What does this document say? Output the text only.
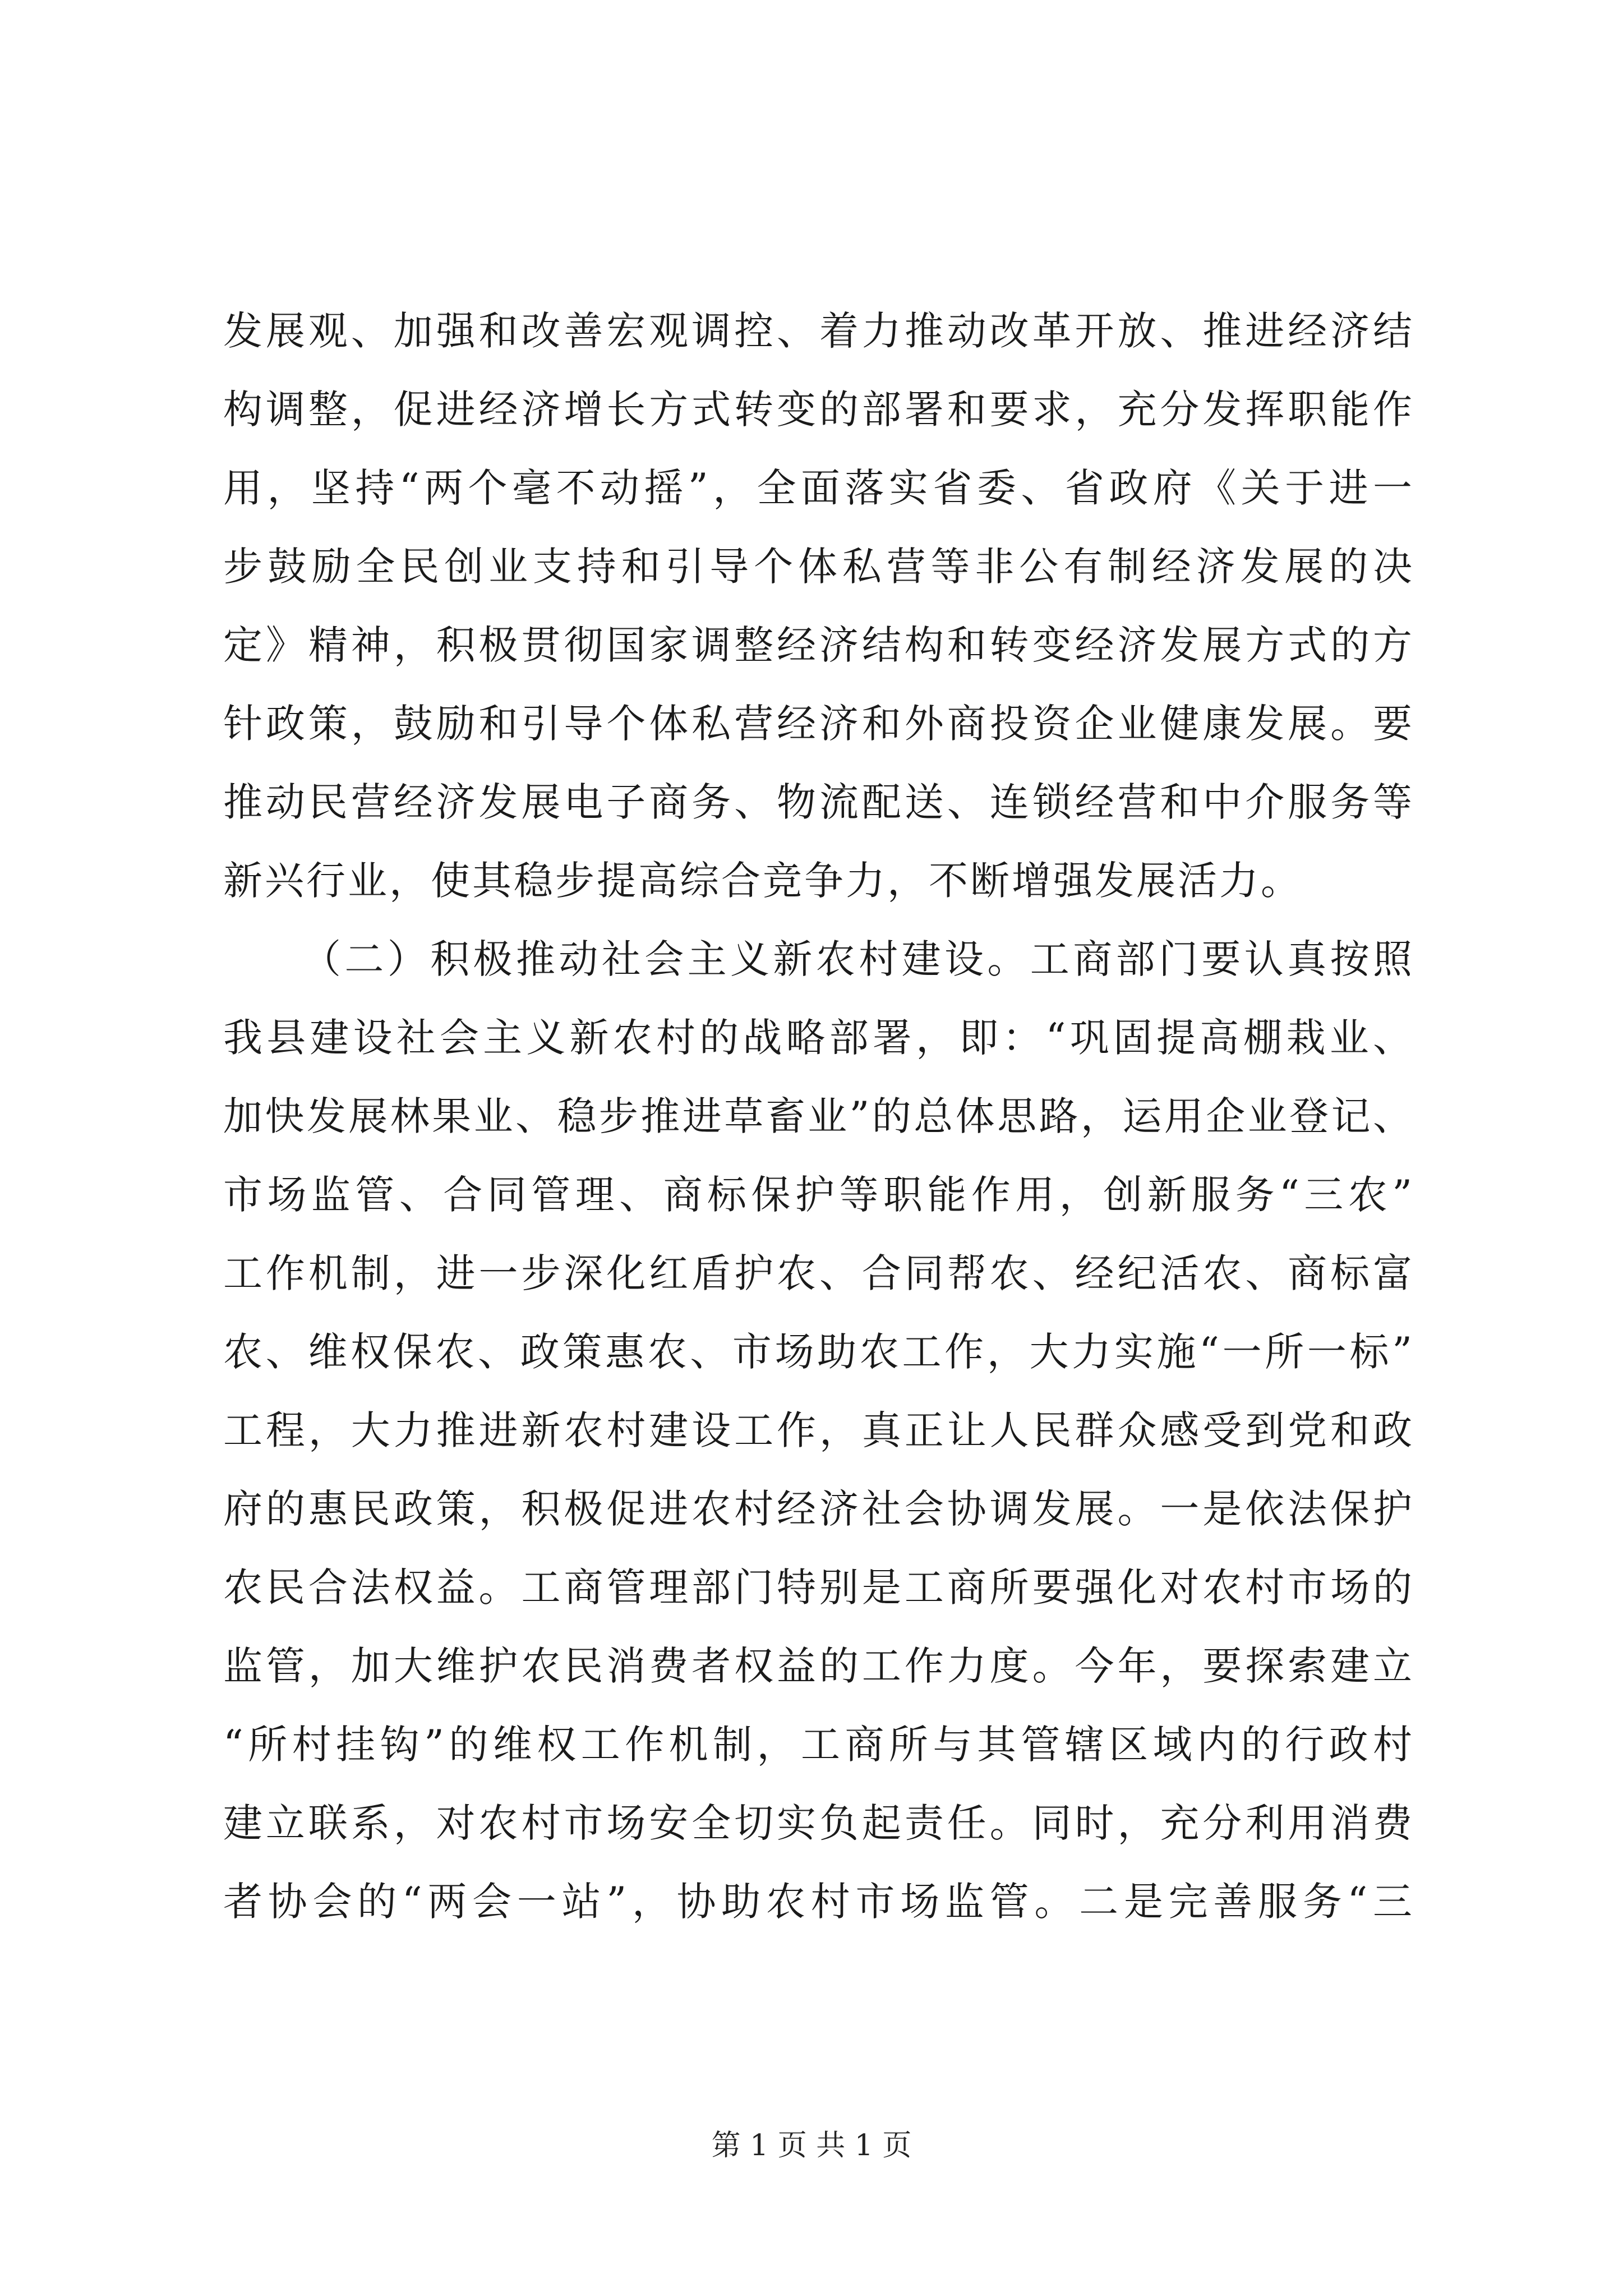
发展观、加强和改善宏观调控、着力推动改革开放、推进经济结
构调整，促进经济增长方式转变的部署和要求，充分发挥职能作
用，坚持“两个毫不动摇”，全面落实省委、省政府《关于进一
步鼓励全民创业支持和引导个体私营等非公有制经济发展的决
定》精神，积极贯彻国家调整经济结构和转变经济发展方式的方
针政策，鼓励和引导个体私营经济和外商投资企业健康发展。要
推动民营经济发展电子商务、物流配送、连锁经营和中介服务等
新兴行业，使其稳步提高综合竞争力，不断增强发展活力。
（二）积极推动社会主义新农村建设。工商部门要认真按照
我县建设社会主义新农村的战略部署，即：“巩固提高棚栽业、
加快发展林果业、稳步推进草畜业”的总体思路，运用企业登记、
市场监管、合同管理、商标保护等职能作用，创新服务“三农”
工作机制，进一步深化红盾护农、合同帮农、经纪活农、商标富
农、维权保农、政策惠农、市场助农工作，大力实施“一所一标”
工程，大力推进新农村建设工作，真正让人民群众感受到党和政
府的惠民政策，积极促进农村经济社会协调发展。一是依法保护
农民合法权益。工商管理部门特别是工商所要强化对农村市场的
监管，加大维护农民消费者权益的工作力度。今年，要探索建立
“所村挂钩”的维权工作机制，工商所与其管辖区域内的行政村
建立联系，对农村市场安全切实负起责任。同时，充分利用消费
者协会的“两会一站”，协助农村市场监管。二是完善服务“三
第 1 页 共 1 页
